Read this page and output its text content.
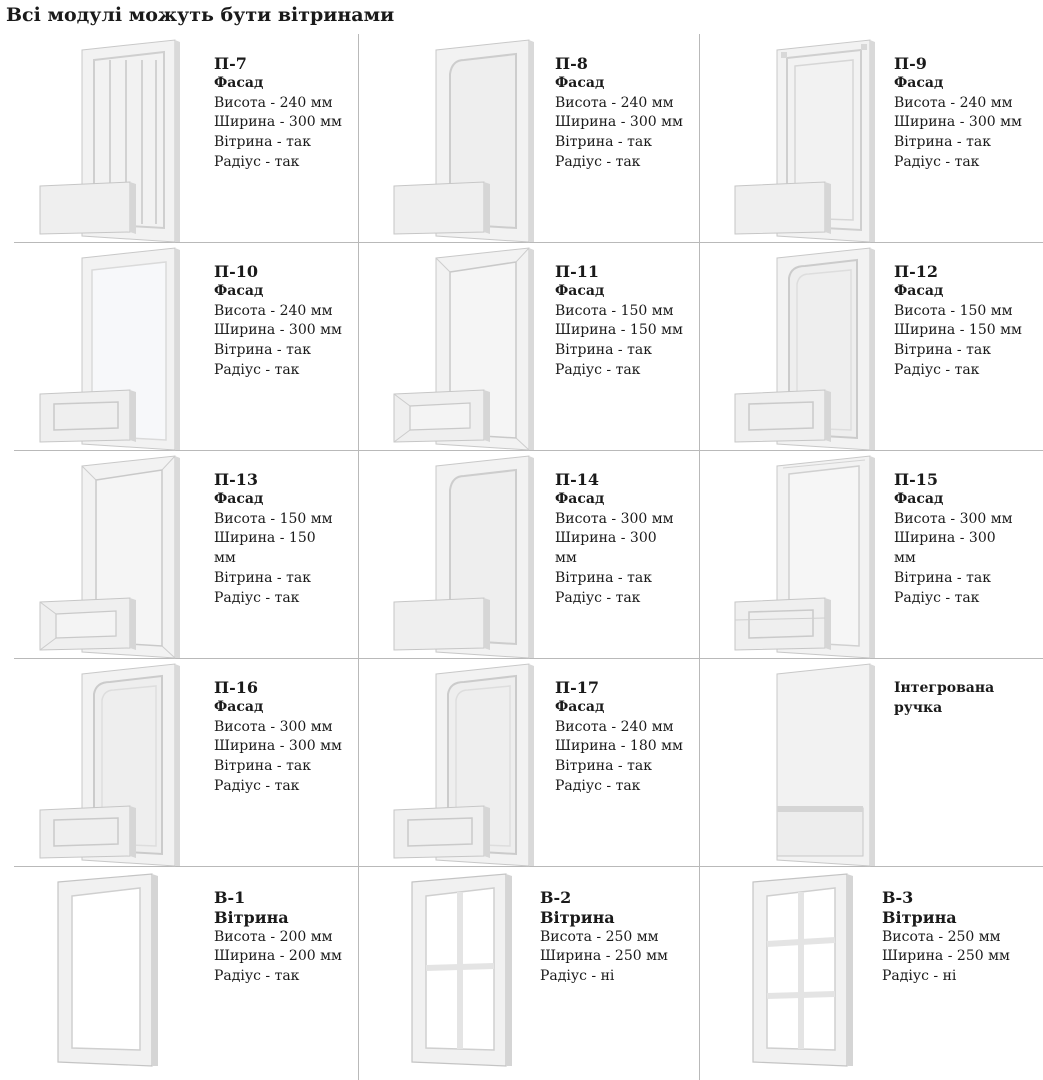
Всі модулі можуть бути вітринами
П-7
Фасад
Висота - 240 мм
Ширина - 300 мм
Вітрина - так
Радіус - так
П-8
Фасад
Висота - 240 мм
Ширина - 300 мм
Вітрина - так
Радіус - так
П-9
Фасад
Висота - 240 мм
Ширина - 300 мм
Вітрина - так
Радіус - так
П-10
Фасад
Висота - 240 мм
Ширина - 300 мм
Вітрина - так
Радіус - так
П-11
Фасад
Висота - 150 мм
Ширина - 150 мм
Вітрина - так
Радіус - так
П-12
Фасад
Висота - 150 мм
Ширина - 150 мм
Вітрина - так
Радіус - так
П-13
Фасад
Висота - 150 мм
Ширина - 150
мм
Вітрина - так
Радіус - так
П-14
Фасад
Висота - 300 мм
Ширина - 300
мм
Вітрина - так
Радіус - так
П-15
Фасад
Висота - 300 мм
Ширина - 300
мм
Вітрина - так
Радіус - так
П-16
Фасад
Висота - 300 мм
Ширина - 300 мм
Вітрина - так
Радіус - так
П-17
Фасад
Висота - 240 мм
Ширина - 180 мм
Вітрина - так
Радіус - так
Інтегрована ручка
В-1
Вітрина
Висота - 200 мм
Ширина - 200 мм
Радіус - так
В-2
Вітрина
Висота - 250 мм
Ширина - 250 мм
Радіус - ні
В-3
Вітрина
Висота - 250 мм
Ширина - 250 мм
Радіус - ні
